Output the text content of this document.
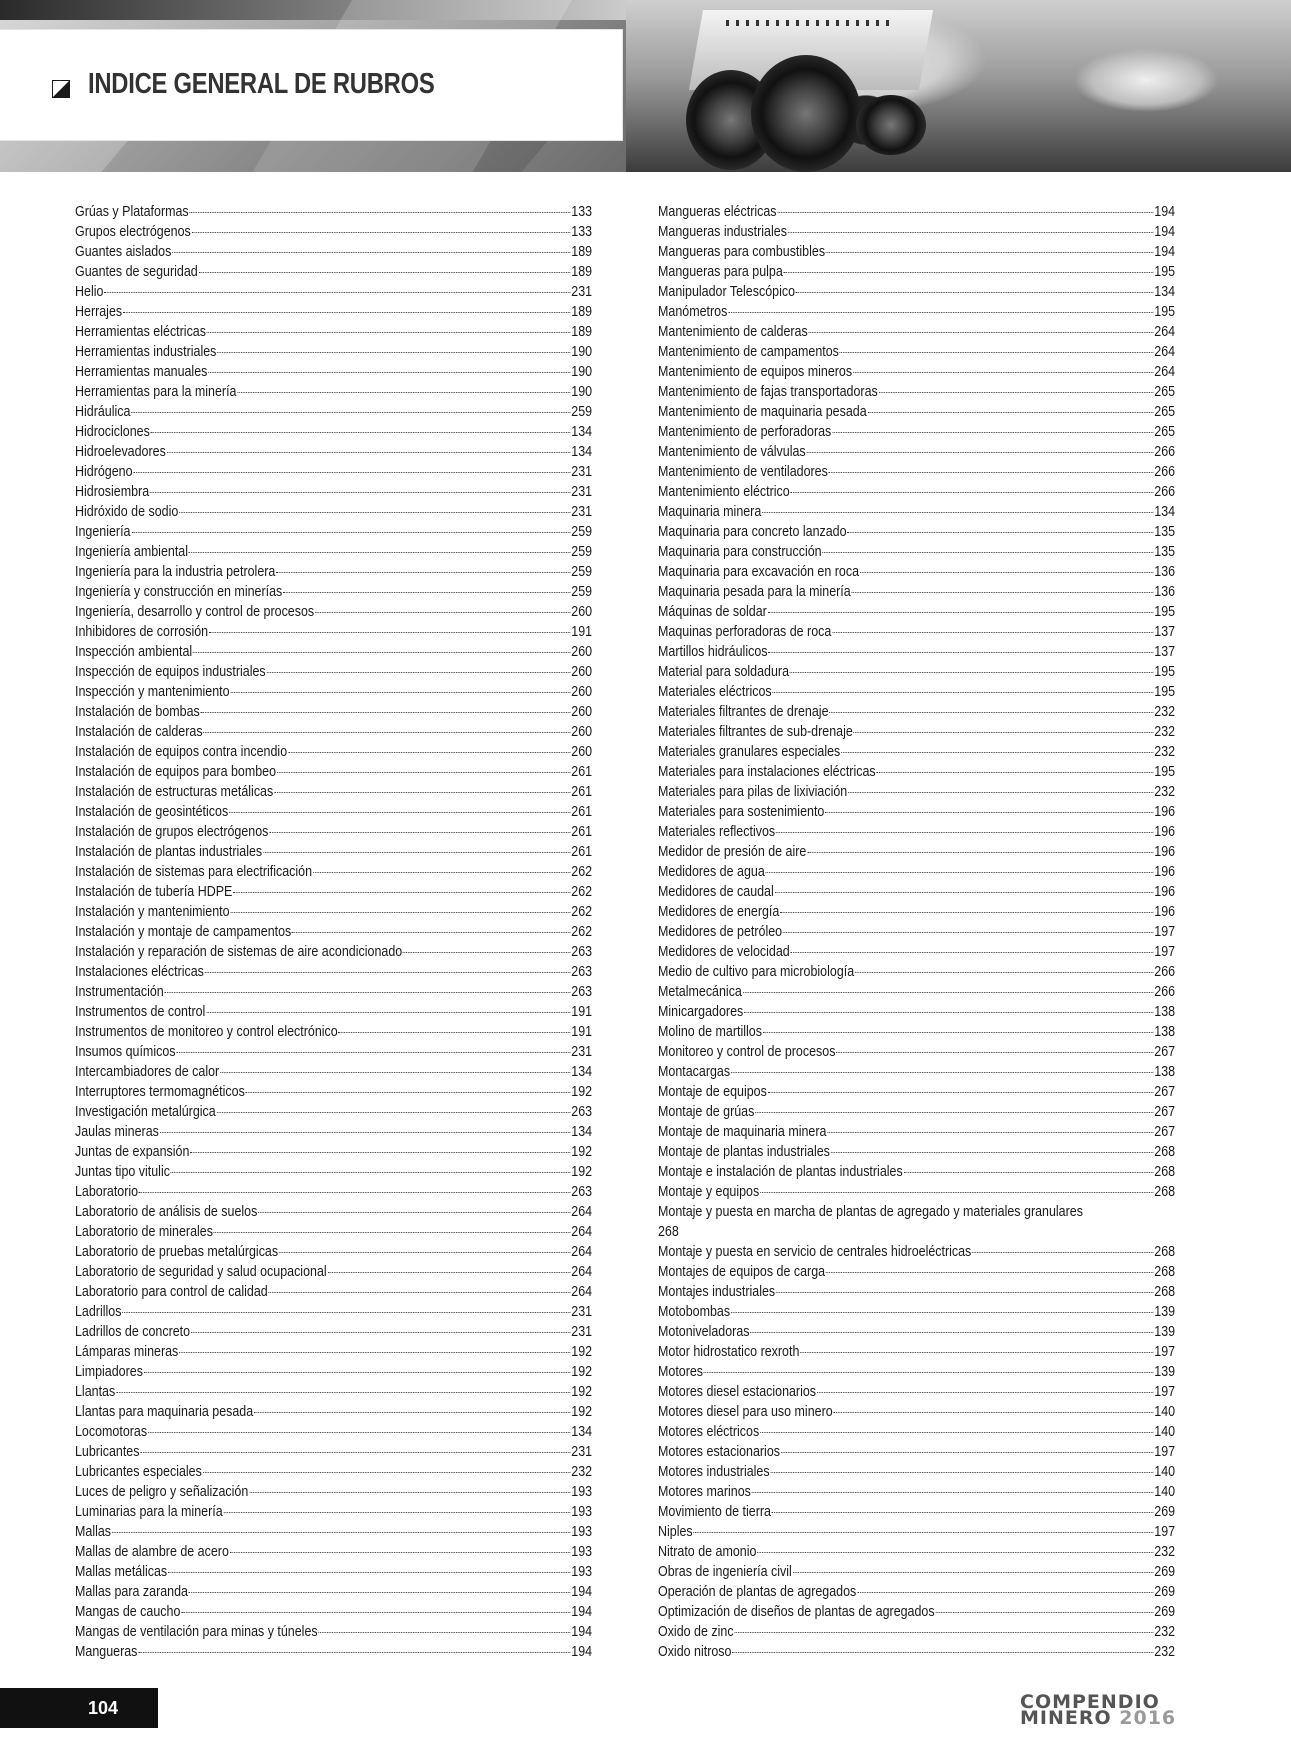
INDICE GENERAL DE RUBROS
Grúas y Plataformas	133
Grupos electrógenos	133
Guantes aislados	189
Guantes de seguridad	189
Helio	231
Herrajes	189
Herramientas eléctricas	189
Herramientas industriales	190
Herramientas manuales	190
Herramientas para la minería	190
Hidráulica	259
Hidrociclones	134
Hidroelevadores	134
Hidrógeno	231
Hidrosiembra	231
Hidróxido de sodio	231
Ingeniería	259
Ingeniería ambiental	259
Ingeniería para la industria petrolera	259
Ingeniería y construcción en minerías	259
Ingeniería, desarrollo y control de procesos	260
Inhibidores de corrosión	191
Inspección ambiental	260
Inspección de equipos industriales	260
Inspección y mantenimiento	260
Instalación de bombas	260
Instalación de calderas	260
Instalación de equipos contra incendio	260
Instalación de equipos para bombeo	261
Instalación de estructuras metálicas	261
Instalación de geosintéticos	261
Instalación de grupos electrógenos	261
Instalación de plantas industriales	261
Instalación de sistemas para electrificación	262
Instalación de tubería HDPE	262
Instalación y mantenimiento	262
Instalación y montaje de campamentos	262
Instalación y reparación de sistemas de aire acondicionado	263
Instalaciones eléctricas	263
Instrumentación	263
Instrumentos de control	191
Instrumentos de monitoreo y control electrónico	191
Insumos químicos	231
Intercambiadores de calor	134
Interruptores termomagnéticos	192
Investigación metalúrgica	263
Jaulas mineras	134
Juntas de expansión	192
Juntas tipo vitulic	192
Laboratorio	263
Laboratorio de análisis de suelos	264
Laboratorio de minerales	264
Laboratorio de pruebas metalúrgicas	264
Laboratorio de seguridad y salud ocupacional	264
Laboratorio para control de calidad	264
Ladrillos	231
Ladrillos de concreto	231
Lámparas mineras	192
Limpiadores	192
Llantas	192
Llantas para maquinaria pesada	192
Locomotoras	134
Lubricantes	231
Lubricantes especiales	232
Luces de peligro y señalización	193
Luminarias para la minería	193
Mallas	193
Mallas de alambre de acero	193
Mallas metálicas	193
Mallas para zaranda	194
Mangas de caucho	194
Mangas de ventilación para minas y túneles	194
Mangueras	194
Mangueras eléctricas	194
Mangueras industriales	194
Mangueras para combustibles	194
Mangueras para pulpa	195
Manipulador Telescópico	134
Manómetros	195
Mantenimiento de calderas	264
Mantenimiento de campamentos	264
Mantenimiento de equipos mineros	264
Mantenimiento de fajas transportadoras	265
Mantenimiento de maquinaria pesada	265
Mantenimiento de perforadoras	265
Mantenimiento de válvulas	266
Mantenimiento de ventiladores	266
Mantenimiento eléctrico	266
Maquinaria minera	134
Maquinaria para concreto lanzado	135
Maquinaria para construcción	135
Maquinaria para excavación en roca	136
Maquinaria pesada para la minería	136
Máquinas de soldar	195
Maquinas perforadoras de roca	137
Martillos hidráulicos	137
Material para soldadura	195
Materiales eléctricos	195
Materiales filtrantes de drenaje	232
Materiales filtrantes de sub-drenaje	232
Materiales granulares especiales	232
Materiales para instalaciones eléctricas	195
Materiales para pilas de lixiviación	232
Materiales para sostenimiento	196
Materiales reflectivos	196
Medidor de presión de aire	196
Medidores de agua	196
Medidores de caudal	196
Medidores de energía	196
Medidores de petróleo	197
Medidores de velocidad	197
Medio de cultivo para microbiología	266
Metalmecánica	266
Minicargadores	138
Molino de martillos	138
Monitoreo y control de procesos	267
Montacargas	138
Montaje de equipos	267
Montaje de grúas	267
Montaje de maquinaria minera	267
Montaje de plantas industriales	268
Montaje e instalación de plantas industriales	268
Montaje y equipos	268
Montaje y puesta en marcha de plantas de agregado y materiales granulares
268
Montaje y puesta en servicio de centrales hidroeléctricas	268
Montajes de equipos de carga	268
Montajes industriales	268
Motobombas	139
Motoniveladoras	139
Motor hidrostatico rexroth	197
Motores	139
Motores diesel estacionarios	197
Motores diesel para uso minero	140
Motores eléctricos	140
Motores estacionarios	197
Motores industriales	140
Motores marinos	140
Movimiento de tierra	269
Niples	197
Nitrato de amonio	232
Obras de ingeniería civil	269
Operación de plantas de agregados	269
Optimización de diseños de plantas de agregados	269
Oxido de zinc	232
Oxido nitroso	232
104	COMPENDIO
MINERO 2016
